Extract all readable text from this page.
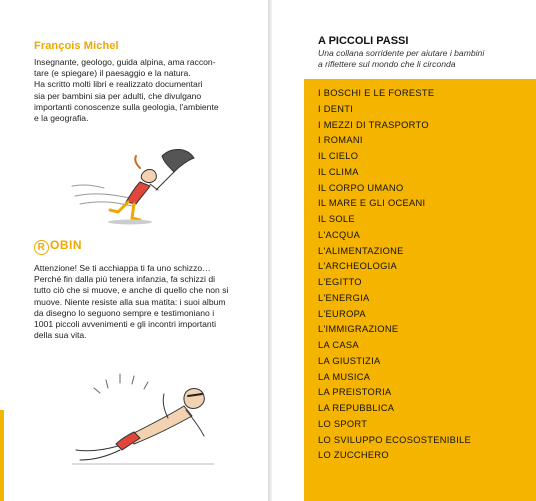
François Michel
Insegnante, geologo, guida alpina, ama raccon-
tare (e spiegare) il paesaggio e la natura.
Ha scritto molti libri e realizzato documentari
sia per bambini sia per adulti, che divulgano
importanti conoscenze sulla geologia, l'ambiente
e la geografia.
R OBIN
Attenzione! Se ti acchiappa ti fa uno schizzo…
Perché fin dalla più tenera infanzia, fa schizzi di
tutto ciò che si muove, e anche di quello che non si
muove. Niente resiste alla sua matita: i suoi album
da disegno lo seguono sempre e testimoniano i
1001 piccoli avvenimenti e gli incontri importanti
della sua vita.
A PICCOLI PASSI
Una collana sorridente per aiutare i bambini
a riflettere sul mondo che li circonda
I BOSCHI E LE FORESTE
I DENTI
I MEZZI DI TRASPORTO
I ROMANI
IL CIELO
IL CLIMA
IL CORPO UMANO
IL MARE E GLI OCEANI
IL SOLE
L'ACQUA
L'ALIMENTAZIONE
L'ARCHEOLOGIA
L'EGITTO
L'ENERGIA
L'EUROPA
L'IMMIGRAZIONE
LA CASA
LA GIUSTIZIA
LA MUSICA
LA PREISTORIA
LA REPUBBLICA
LO SPORT
LO SVILUPPO ECOSOSTENIBILE
LO ZUCCHERO
